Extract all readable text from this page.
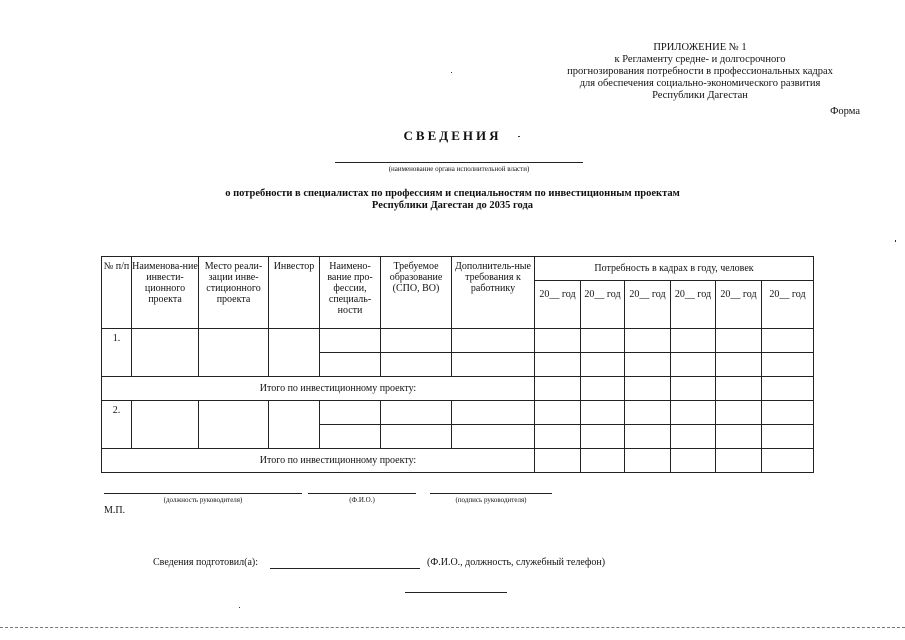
ПРИЛОЖЕНИЕ № 1
к Регламенту средне- и долгосрочного
прогнозирования потребности в профессиональных кадрах
для обеспечения социально-экономического развития
Республики Дагестан
Форма
СВЕДЕНИЯ
(наименование органа исполнительной власти)
о потребности в специалистах по профессиям и специальностям по инвестиционным проектам
Республики Дагестан до 2035 года
№ п/п	Наименова-ние инвести-ционного проекта	Место реали-зации инве-стиционного проекта	Инвестор	Наимено-вание про-фессии, специаль-ности	Требуемое образование (СПО, ВО)	Дополнитель-ные требования к работнику	Потребность в кадрах в году, человек					
							20__ год	20__ год	20__ год	20__ год	20__ год	20__ год
1.												

Итого по инвестиционному проекту:												
2.												

Итого по инвестиционному проекту:												
(должность руководителя)	(Ф.И.О.)	(подпись руководителя)
М.П.
Сведения подготовил(а):	(Ф.И.О., должность, служебный телефон)
